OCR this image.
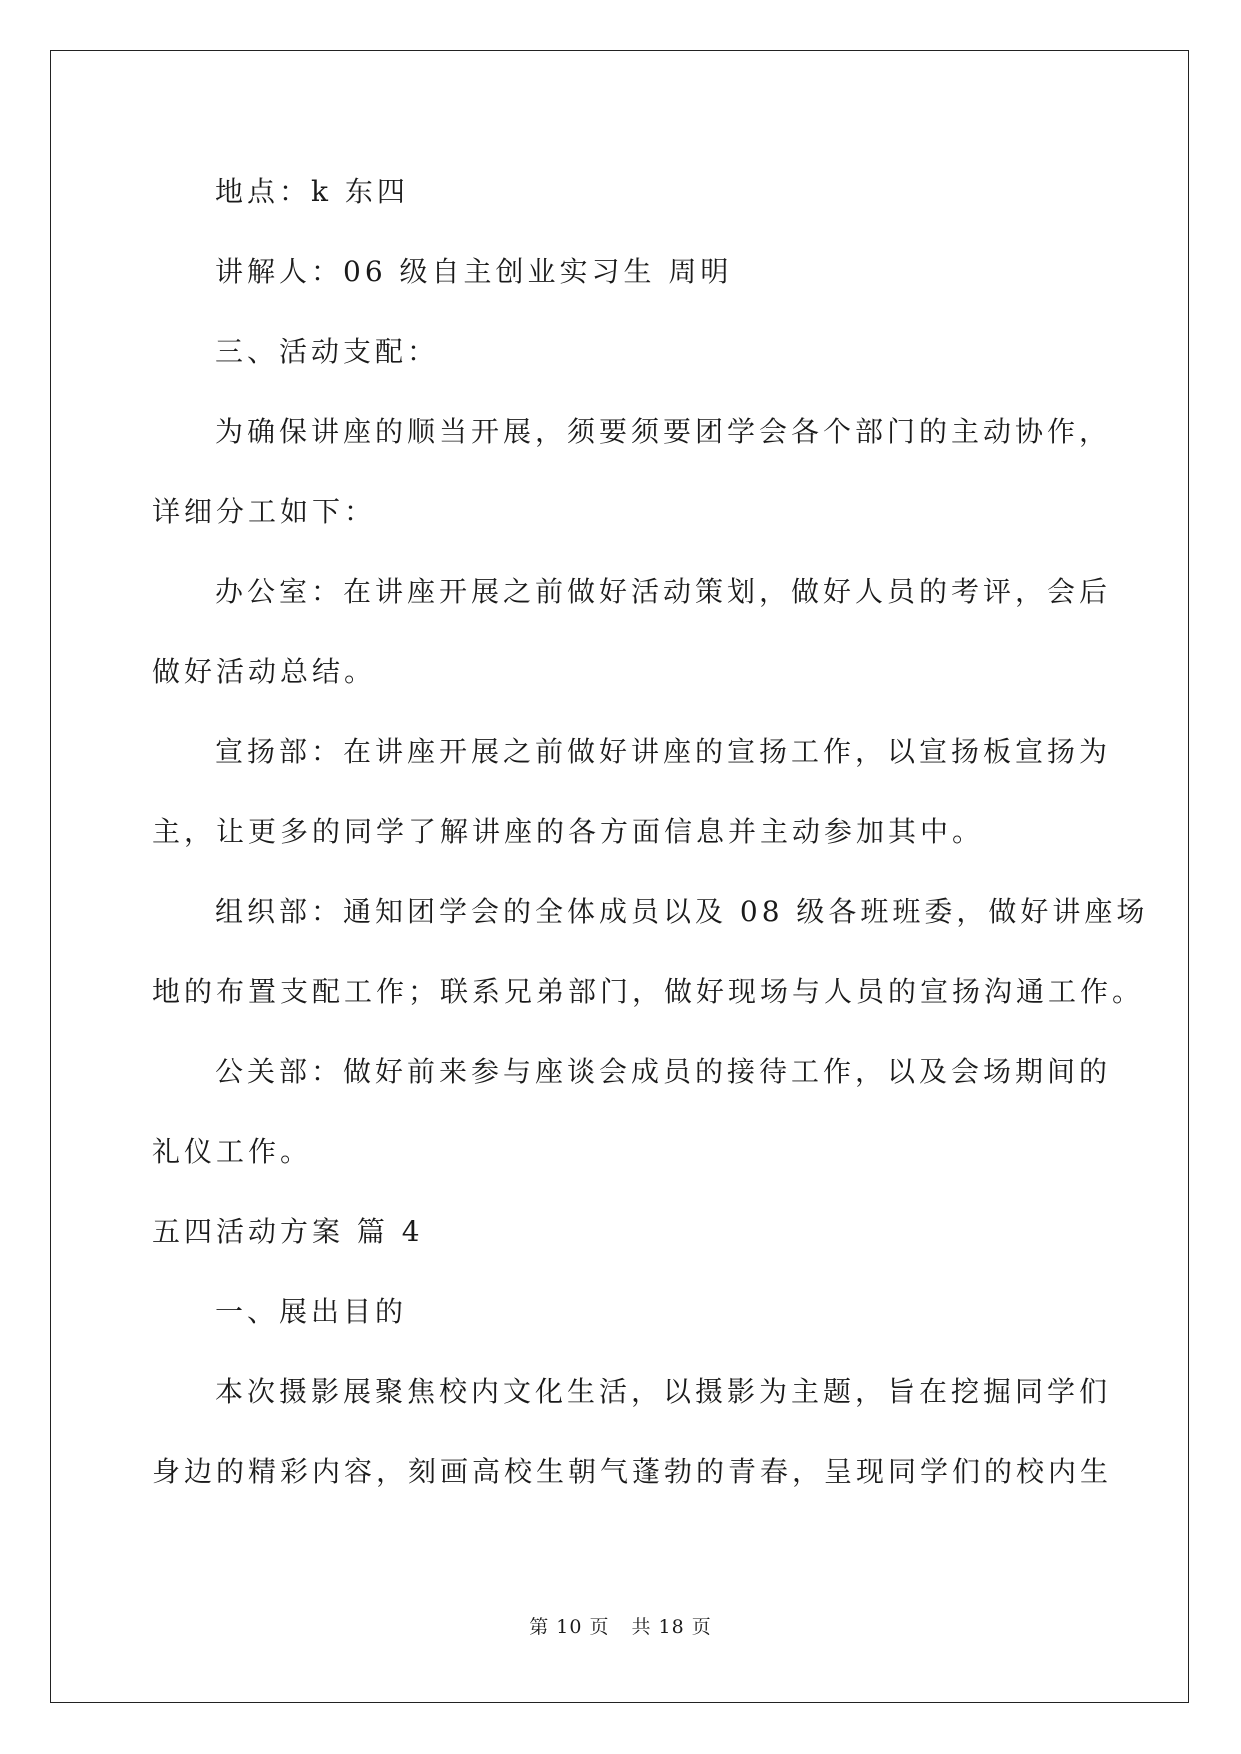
地点：k 东四
讲解人：06 级自主创业实习生 周明
三、活动支配：
为确保讲座的顺当开展，须要须要团学会各个部门的主动协作，
详细分工如下：
办公室：在讲座开展之前做好活动策划，做好人员的考评，会后
做好活动总结。
宣扬部：在讲座开展之前做好讲座的宣扬工作，以宣扬板宣扬为
主，让更多的同学了解讲座的各方面信息并主动参加其中。
组织部：通知团学会的全体成员以及 08 级各班班委，做好讲座场
地的布置支配工作；联系兄弟部门，做好现场与人员的宣扬沟通工作。
公关部：做好前来参与座谈会成员的接待工作，以及会场期间的
礼仪工作。
五四活动方案 篇 4
一、展出目的
本次摄影展聚焦校内文化生活，以摄影为主题，旨在挖掘同学们
身边的精彩内容，刻画高校生朝气蓬勃的青春，呈现同学们的校内生
第 10 页 共 18 页
